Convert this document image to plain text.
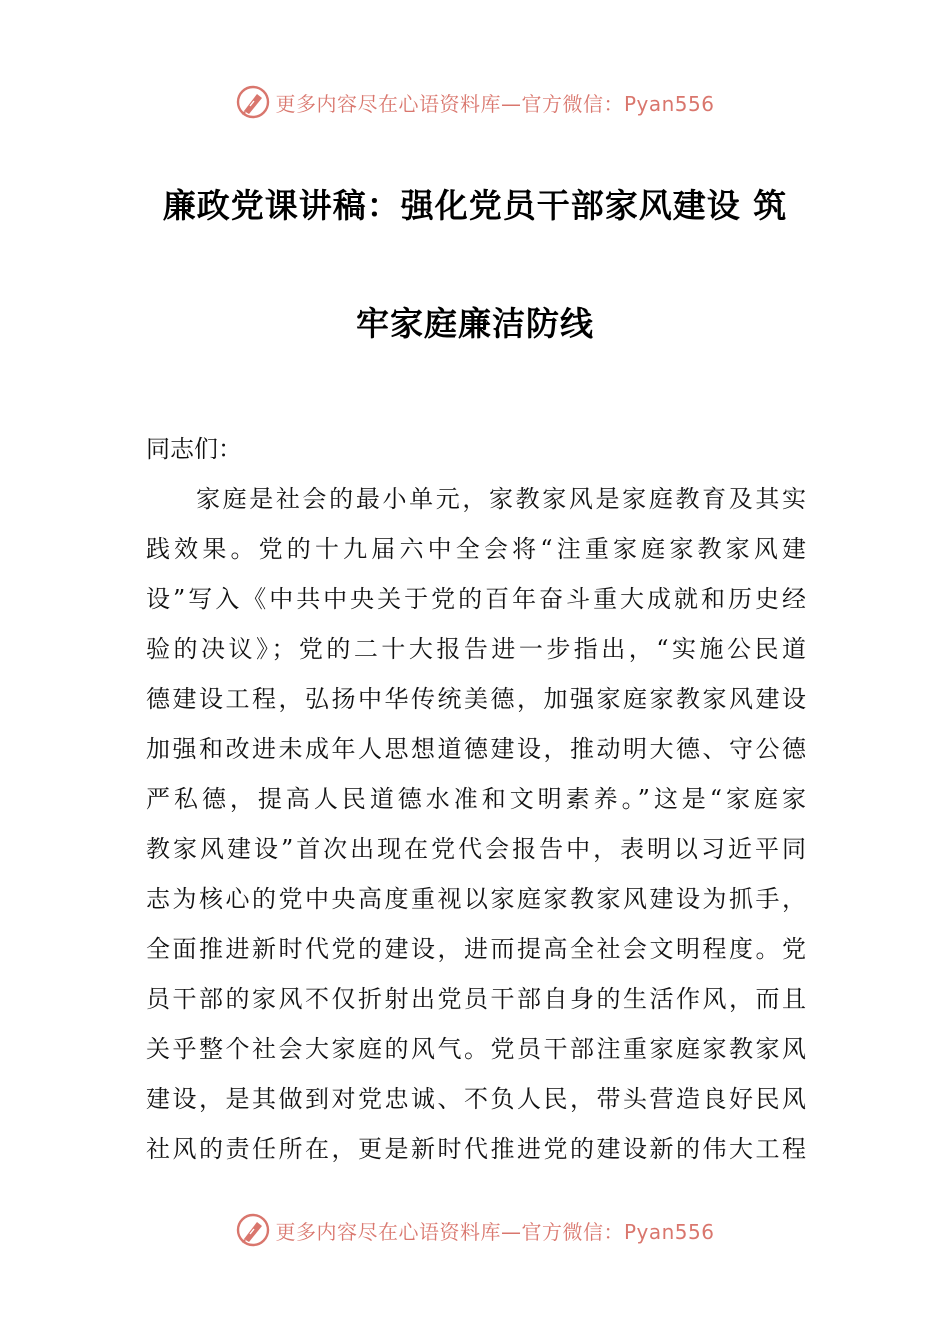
更多内容尽在心语资料库—官方微信：Pyan556
廉政党课讲稿：强化党员干部家风建设 筑
牢家庭廉洁防线
同志们：
家庭是社会的最小单元，家教家风是家庭教育及其实
践效果。党的十九届六中全会将“注重家庭家教家风建
设”写入《中共中央关于党的百年奋斗重大成就和历史经
验的决议》；党的二十大报告进一步指出，“实施公民道
德建设工程，弘扬中华传统美德，加强家庭家教家风建设
加强和改进未成年人思想道德建设，推动明大德、守公德
严私德，提高人民道德水准和文明素养。”这是“家庭家
教家风建设”首次出现在党代会报告中，表明以习近平同
志为核心的党中央高度重视以家庭家教家风建设为抓手，
全面推进新时代党的建设，进而提高全社会文明程度。党
员干部的家风不仅折射出党员干部自身的生活作风，而且
关乎整个社会大家庭的风气。党员干部注重家庭家教家风
建设，是其做到对党忠诚、不负人民，带头营造良好民风
社风的责任所在，更是新时代推进党的建设新的伟大工程
更多内容尽在心语资料库—官方微信：Pyan556
